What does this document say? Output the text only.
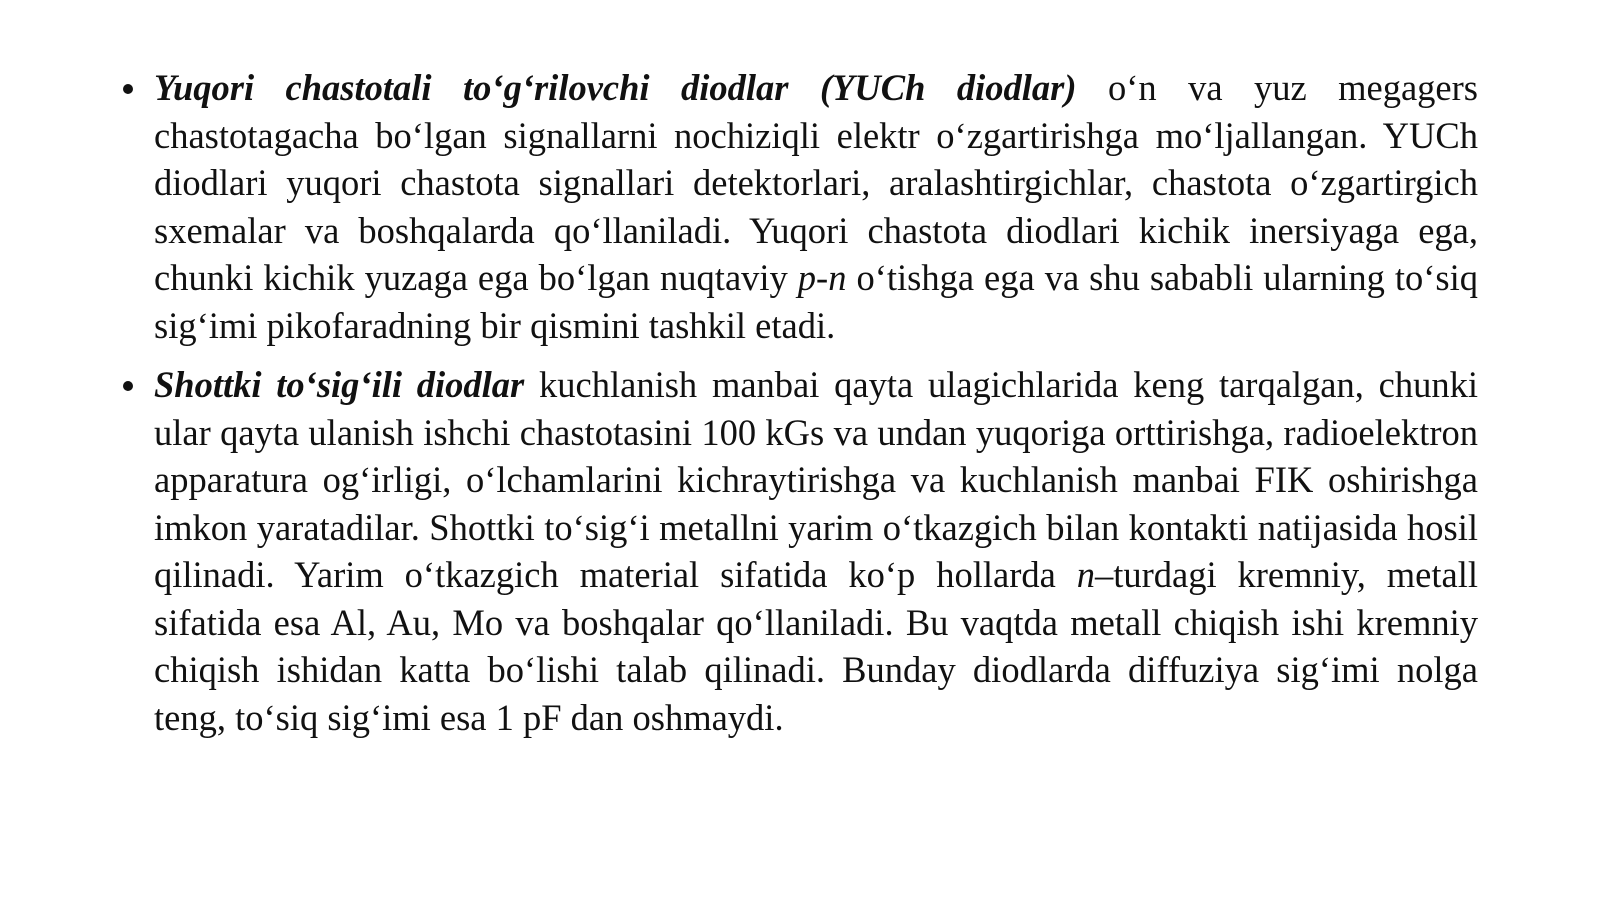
Yuqori chastotali to‘g‘rilovchi diodlar (YUCh diodlar) o‘n va yuz megagers chastotagacha bo‘lgan signallarni nochiziqli elektr o‘zgartirishga mo‘ljallangan. YUCh diodlari yuqori chastota signallari detektorlari, aralashtirgichlar, chastota o‘zgartirgich sxemalar va boshqalarda qo‘llaniladi. Yuqori chastota diodlari kichik inersiyaga ega, chunki kichik yuzaga ega bo‘lgan nuqtaviy p-n o‘tishga ega va shu sababli ularning to‘siq sig‘imi pikofaradning bir qismini tashkil etadi.
Shottki to‘sig‘ili diodlar kuchlanish manbai qayta ulagichlarida keng tarqalgan, chunki ular qayta ulanish ishchi chastotasini 100 kGs va undan yuqoriga orttirishga, radioelektron apparatura og‘irligi, o‘lchamlarini kichraytirishga va kuchlanish manbai FIK oshirishga imkon yaratadilar. Shottki to‘sig‘i metallni yarim o‘tkazgich bilan kontakti natijasida hosil qilinadi. Yarim o‘tkazgich material sifatida ko‘p hollarda n–turdagi kremniy, metall sifatida esa Al, Au, Mo va boshqalar qo‘llaniladi. Bu vaqtda metall chiqish ishi kremniy chiqish ishidan katta bo‘lishi talab qilinadi. Bunday diodlarda diffuziya sig‘imi nolga teng, to‘siq sig‘imi esa 1 pF dan oshmaydi.
